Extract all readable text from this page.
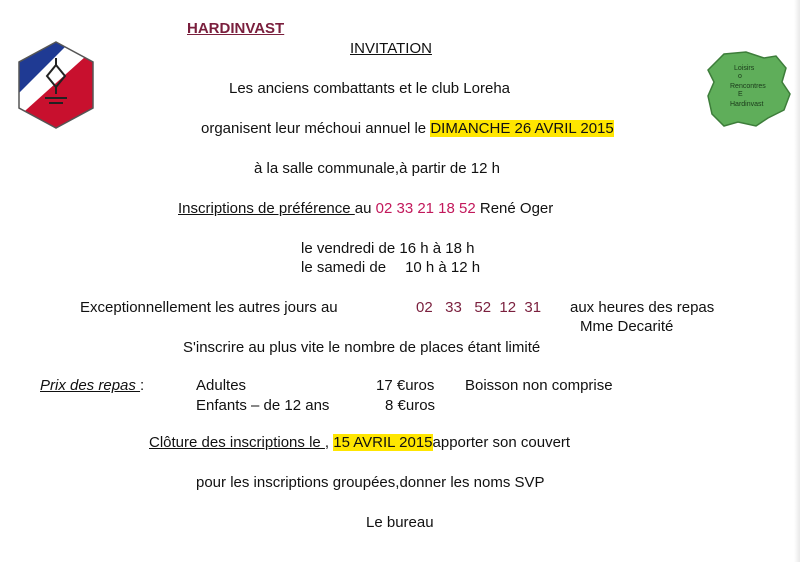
HARDINVAST
INVITATION
Loisirs
o
Rencontres
E
Hardinvast
Les anciens combattants et le club Loreha
organisent leur méchoui annuel le DIMANCHE 26 AVRIL 2015
à la salle communale,à partir de 12 h
Inscriptions de préférence au 02 33 21 18 52 René Oger
le vendredi de 16 h à 18 h
le samedi de 10 h à 12 h
Exceptionnellement les autres jours au	02   33   52  12  31 aux heures des repas
Mme Decarité
S'inscrire au plus vite le nombre de places étant limité
Prix des repas :	Adultes	17 €uros Boisson non comprise
Enfants – de 12 ans	8 €uros
Clôture des inscriptions le , 15 AVRIL 2015apporter son couvert
pour les inscriptions groupées,donner les noms SVP
Le bureau
